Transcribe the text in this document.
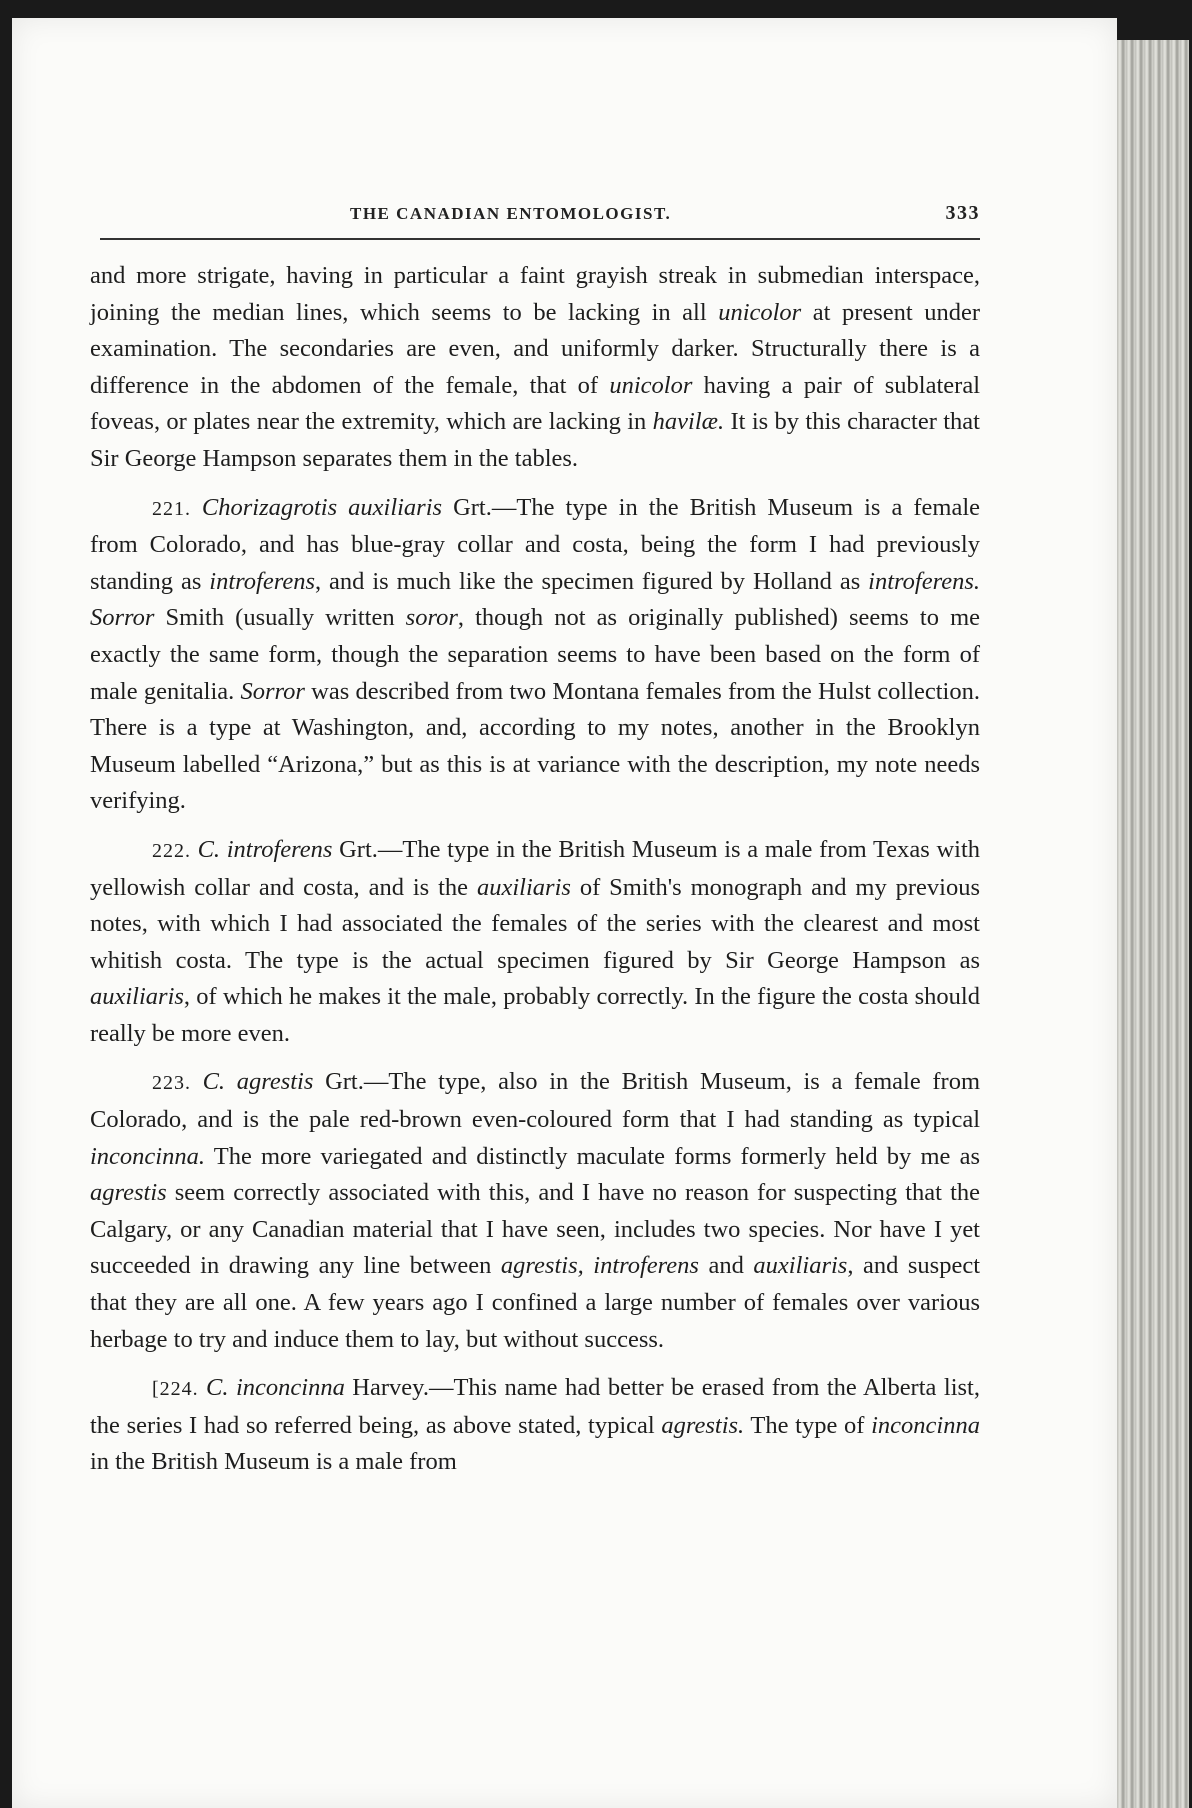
THE CANADIAN ENTOMOLOGIST.	333

and more strigate, having in particular a faint grayish streak in submedian interspace, joining the median lines, which seems to be lacking in all unicolor at present under examination. The secondaries are even, and uniformly darker. Structurally there is a difference in the abdomen of the female, that of unicolor having a pair of sublateral foveas, or plates near the extremity, which are lacking in havilæ. It is by this character that Sir George Hampson separates them in the tables.

221. Chorizagrotis auxiliaris Grt.—The type in the British Museum is a female from Colorado, and has blue-gray collar and costa, being the form I had previously standing as introferens, and is much like the specimen figured by Holland as introferens. Sorror Smith (usually written soror, though not as originally published) seems to me exactly the same form, though the separation seems to have been based on the form of male genitalia. Sorror was described from two Montana females from the Hulst collection. There is a type at Washington, and, according to my notes, another in the Brooklyn Museum labelled “Arizona,” but as this is at variance with the description, my note needs verifying.

222. C. introferens Grt.—The type in the British Museum is a male from Texas with yellowish collar and costa, and is the auxiliaris of Smith's monograph and my previous notes, with which I had associated the females of the series with the clearest and most whitish costa. The type is the actual specimen figured by Sir George Hampson as auxiliaris, of which he makes it the male, probably correctly. In the figure the costa should really be more even.

223. C. agrestis Grt.—The type, also in the British Museum, is a female from Colorado, and is the pale red-brown even-coloured form that I had standing as typical inconcinna. The more variegated and distinctly maculate forms formerly held by me as agrestis seem correctly associated with this, and I have no reason for suspecting that the Calgary, or any Canadian material that I have seen, includes two species. Nor have I yet succeeded in drawing any line between agrestis, introferens and auxiliaris, and suspect that they are all one. A few years ago I confined a large number of females over various herbage to try and induce them to lay, but without success.

[224. C. inconcinna Harvey.—This name had better be erased from the Alberta list, the series I had so referred being, as above stated, typical agrestis. The type of inconcinna in the British Museum is a male from
